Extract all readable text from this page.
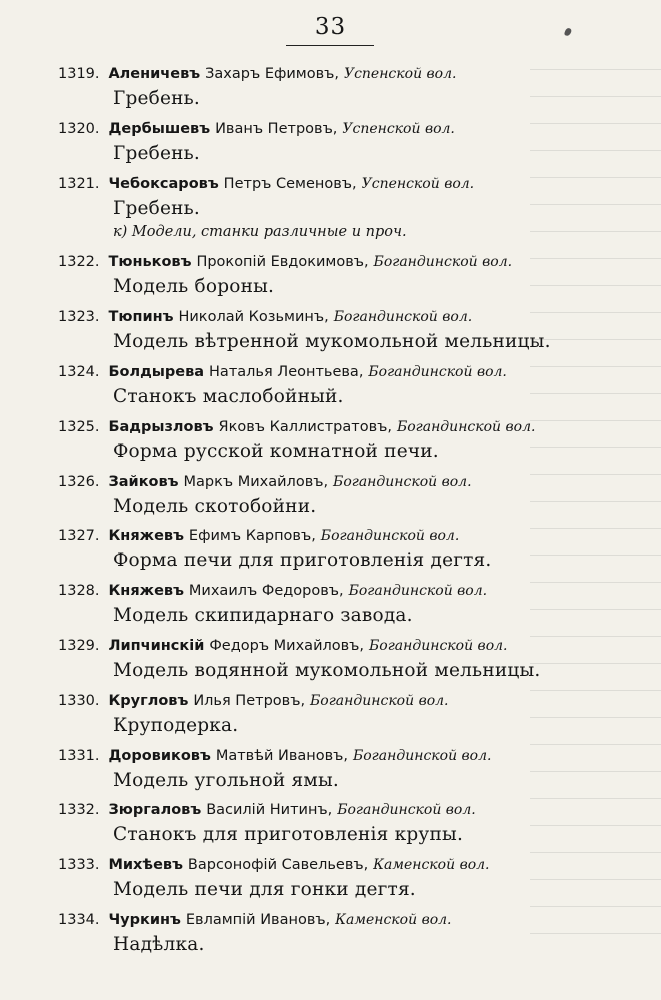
33
1319. Аленичевъ Захаръ Ефимовъ, Успенской вол.
Гребень.
1320. Дербышевъ Иванъ Петровъ, Успенской вол.
Гребень.
1321. Чебокcаровъ Петръ Семеновъ, Успенской вол.
Гребень.
к) Модели, станки различные и проч.
1322. Тюньковъ Прокопій Евдокимовъ, Богандинской вол.
Модель бороны.
1323. Тюпинъ Николай Козьминъ, Богандинской вол.
Модель вѣтренной мукомольной мельницы.
1324. Болдырева Наталья Леонтьева, Богандинской вол.
Станокъ маслобойный.
1325. Бадрызловъ Яковъ Каллистратовъ, Богандинской вол.
Форма русской комнатной печи.
1326. Зайковъ Маркъ Михайловъ, Богандинской вол.
Модель скотобойни.
1327. Княжевъ Ефимъ Карповъ, Богандинской вол.
Форма печи для приготовленія дегтя.
1328. Княжевъ Михаилъ Федоровъ, Богандинской вол.
Модель скипидарнаго завода.
1329. Липчинскій Федоръ Михайловъ, Богандинской вол.
Модель водянной мукомольной мельницы.
1330. Кругловъ Илья Петровъ, Богандинской вол.
Круподерка.
1331. Доровиковъ Матвѣй Ивановъ, Богандинской вол.
Модель угольной ямы.
1332. Зюргаловъ Василій Нитинъ, Богандинской вол.
Станокъ для приготовленія крупы.
1333. Михѣевъ Варсонофій Савельевъ, Каменской вол.
Модель печи для гонки дегтя.
1334. Чуркинъ Евлампій Ивановъ, Каменской вол.
Надѣлка.
